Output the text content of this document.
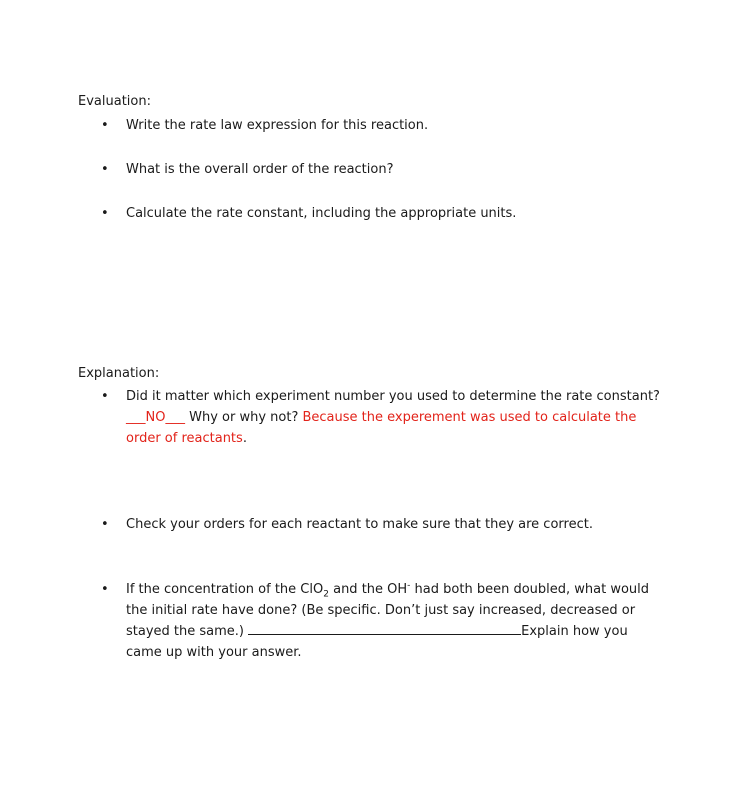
Evaluation:
•	Write the rate law expression for this reaction.
•	What is the overall order of the reaction?
•	Calculate the rate constant, including the appropriate units.
Explanation:
•	Did it matter which experiment number you used to determine the rate constant?
___NO___ Why or why not? Because the experement was used to calculate the order of reactants.
•	Check your orders for each reactant to make sure that they are correct.
•	If the concentration of the ClO$_2$ and the OH- had both been doubled, what would the initial rate have done? (Be specific. Don’t just say increased, decreased or stayed the same.)	Explain how you came up with your answer.
